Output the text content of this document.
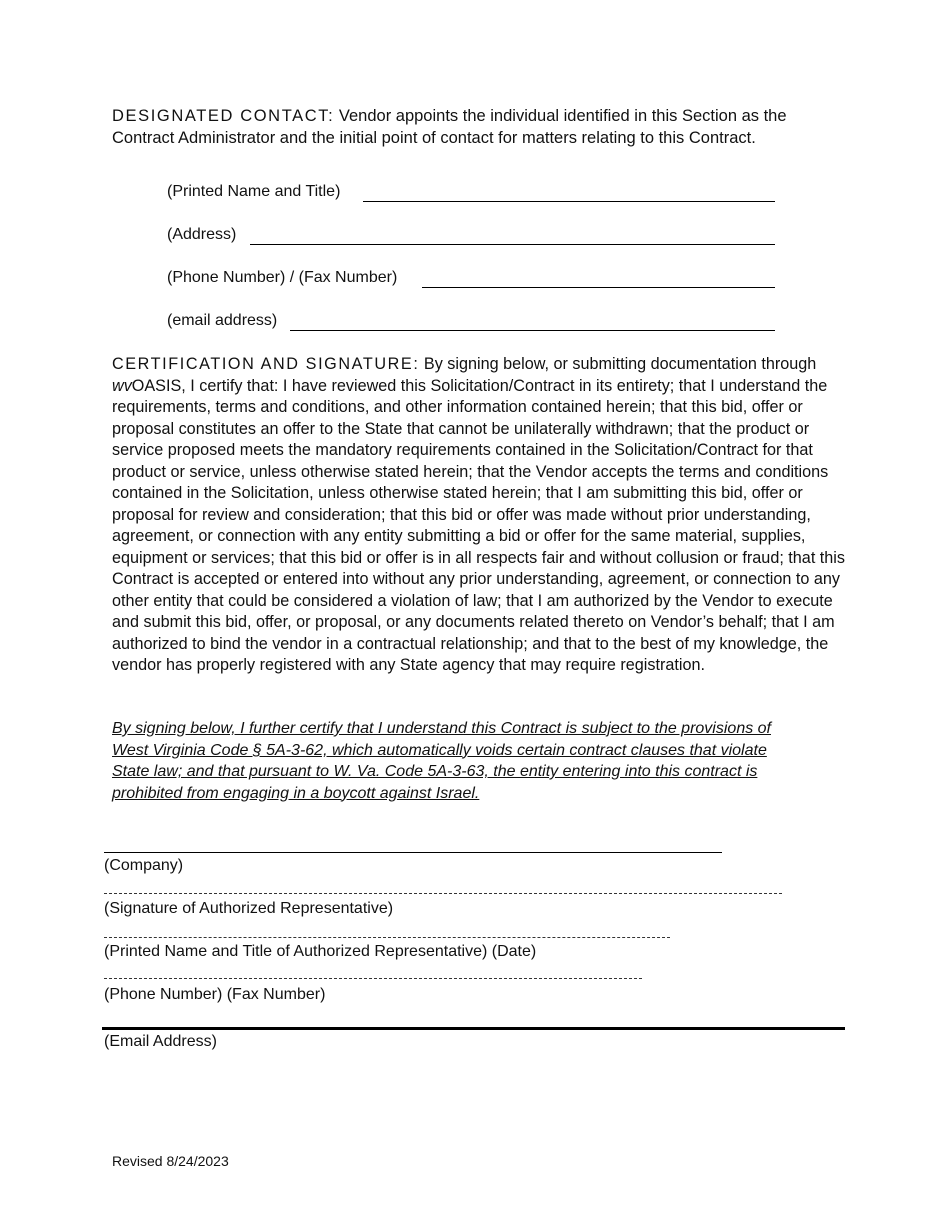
DESIGNATED CONTACT: Vendor appoints the individual identified in this Section as the Contract Administrator and the initial point of contact for matters relating to this Contract.

(Printed Name and Title)
(Address)
(Phone Number) / (Fax Number)
(email address)

CERTIFICATION AND SIGNATURE: By signing below, or submitting documentation through wvOASIS, I certify that: I have reviewed this Solicitation/Contract in its entirety; that I understand the requirements, terms and conditions, and other information contained herein; that this bid, offer or proposal constitutes an offer to the State that cannot be unilaterally withdrawn; that the product or service proposed meets the mandatory requirements contained in the Solicitation/Contract for that product or service, unless otherwise stated herein; that the Vendor accepts the terms and conditions contained in the Solicitation, unless otherwise stated herein; that I am submitting this bid, offer or proposal for review and consideration; that this bid or offer was made without prior understanding, agreement, or connection with any entity submitting a bid or offer for the same material, supplies, equipment or services; that this bid or offer is in all respects fair and without collusion or fraud; that this Contract is accepted or entered into without any prior understanding, agreement, or connection to any other entity that could be considered a violation of law; that I am authorized by the Vendor to execute and submit this bid, offer, or proposal, or any documents related thereto on Vendor’s behalf; that I am authorized to bind the vendor in a contractual relationship; and that to the best of my knowledge, the vendor has properly registered with any State agency that may require registration.

By signing below, I further certify that I understand this Contract is subject to the provisions of West Virginia Code § 5A-3-62, which automatically voids certain contract clauses that violate State law; and that pursuant to W. Va. Code 5A-3-63, the entity entering into this contract is prohibited from engaging in a boycott against Israel.

(Company)
(Signature of Authorized Representative)
(Printed Name and Title of Authorized Representative) (Date)
(Phone Number) (Fax Number)
(Email Address)
Revised 8/24/2023
